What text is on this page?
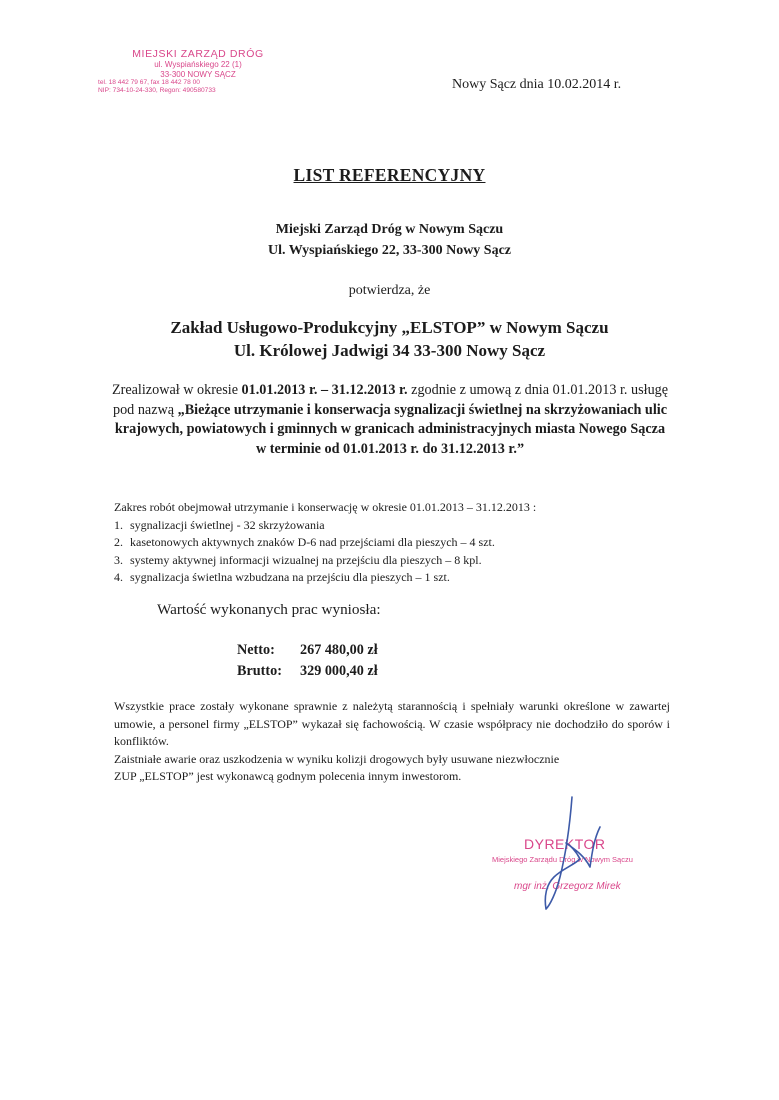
MIEJSKI ZARZĄD DRÓG
ul. Wyspiańskiego 22 (1)
33-300 NOWY SĄCZ
tel. 18 442 79 67, fax 18 442 78 00
NIP: 734-10-24-330, Regon: 490580733	Nowy Sącz dnia 10.02.2014 r.
LIST REFERENCYJNY
Miejski Zarząd Dróg w Nowym Sączu
Ul. Wyspiańskiego 22, 33-300 Nowy Sącz
potwierdza, że
Zakład Usługowo-Produkcyjny „ELSTOP” w Nowym Sączu
Ul. Królowej Jadwigi 34 33-300 Nowy Sącz
Zrealizował w okresie 01.01.2013 r. – 31.12.2013 r. zgodnie z umową z dnia 01.01.2013 r. usługę pod nazwą „Bieżące utrzymanie i konserwacja sygnalizacji świetlnej na skrzyżowaniach ulic krajowych, powiatowych i gminnych w granicach administracyjnych miasta Nowego Sącza w terminie od 01.01.2013 r. do 31.12.2013 r.”
Zakres robót obejmował utrzymanie i konserwację w okresie 01.01.2013 – 31.12.2013 :
1. sygnalizacji świetlnej - 32 skrzyżowania
2. kasetonowych aktywnych znaków D-6 nad przejściami dla pieszych – 4 szt.
3. systemy aktywnej informacji wizualnej na przejściu dla pieszych – 8 kpl.
4. sygnalizacja świetlna wzbudzana na przejściu dla pieszych – 1 szt.
Wartość wykonanych prac wyniosła:
Netto:	267 480,00 zł
Brutto:	329 000,40 zł

Wszystkie prace zostały wykonane sprawnie z należytą starannością i spełniały warunki określone w zawartej umowie, a personel firmy „ELSTOP” wykazał się fachowością. W czasie współpracy nie dochodziło do sporów i konfliktów.

Zaistniałe awarie oraz uszkodzenia w wyniku kolizji drogowych były usuwane niezwłocznie

ZUP „ELSTOP” jest wykonawcą godnym polecenia innym inwestorom.

DYREKTOR
Miejskiego Zarządu Dróg w Nowym Sączu
mgr inż. Grzegorz Mirek
